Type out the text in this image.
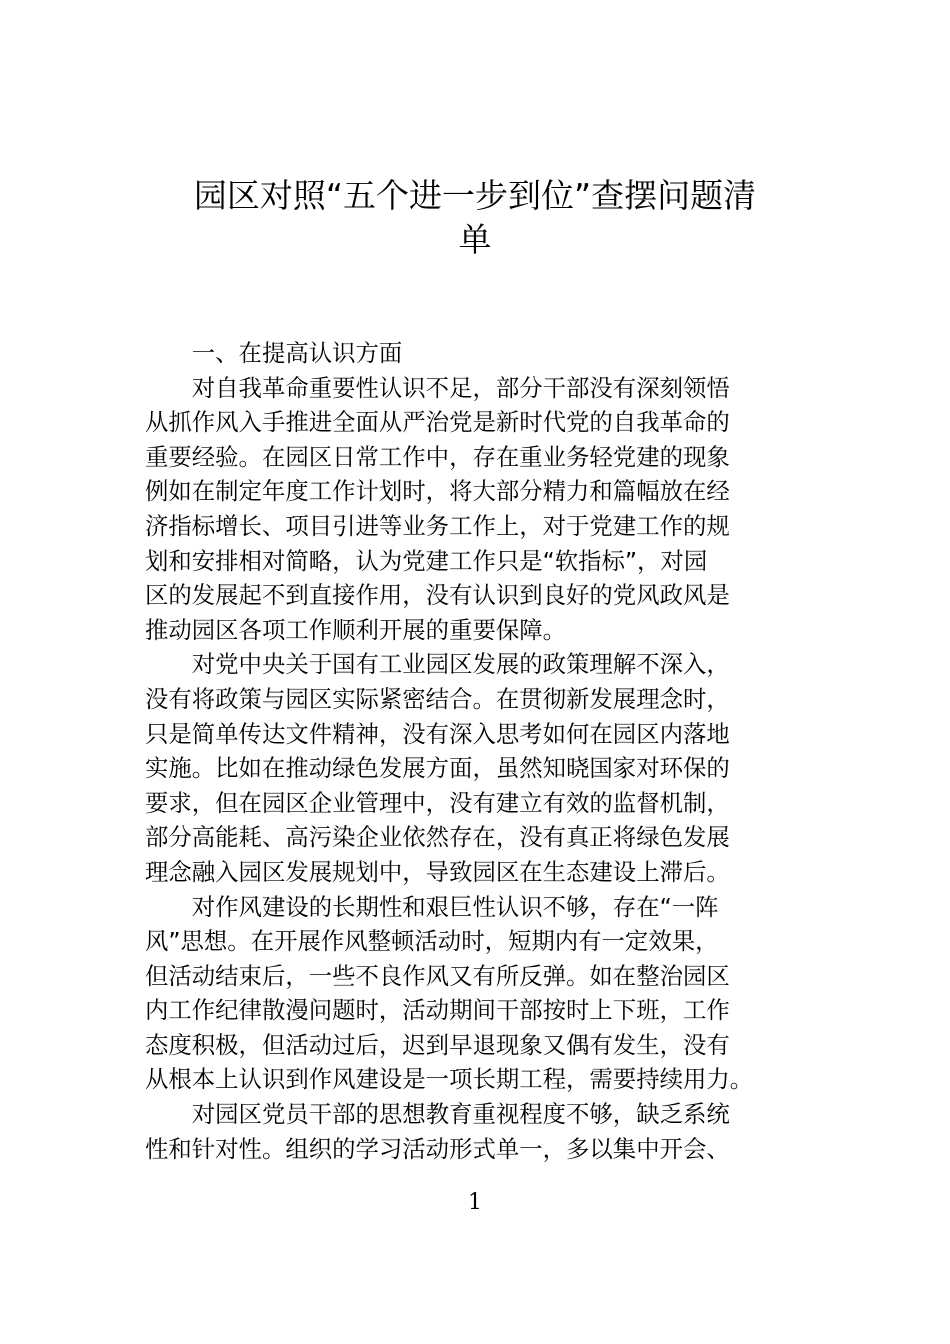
园区对照“五个进一步到位”查摆问题清
单
　　一、在提高认识方面
　　对自我革命重要性认识不足，部分干部没有深刻领悟
从抓作风入手推进全面从严治党是新时代党的自我革命的
重要经验。在园区日常工作中，存在重业务轻党建的现象
例如在制定年度工作计划时，将大部分精力和篇幅放在经
济指标增长、项目引进等业务工作上，对于党建工作的规
划和安排相对简略，认为党建工作只是“软指标”，对园
区的发展起不到直接作用，没有认识到良好的党风政风是
推动园区各项工作顺利开展的重要保障。
　　对党中央关于国有工业园区发展的政策理解不深入，
没有将政策与园区实际紧密结合。在贯彻新发展理念时，
只是简单传达文件精神，没有深入思考如何在园区内落地
实施。比如在推动绿色发展方面，虽然知晓国家对环保的
要求，但在园区企业管理中，没有建立有效的监督机制，
部分高能耗、高污染企业依然存在，没有真正将绿色发展
理念融入园区发展规划中，导致园区在生态建设上滞后。
　　对作风建设的长期性和艰巨性认识不够，存在“一阵
风”思想。在开展作风整顿活动时，短期内有一定效果，
但活动结束后，一些不良作风又有所反弹。如在整治园区
内工作纪律散漫问题时，活动期间干部按时上下班，工作
态度积极，但活动过后，迟到早退现象又偶有发生，没有
从根本上认识到作风建设是一项长期工程，需要持续用力。
　　对园区党员干部的思想教育重视程度不够，缺乏系统
性和针对性。组织的学习活动形式单一，多以集中开会、
1
